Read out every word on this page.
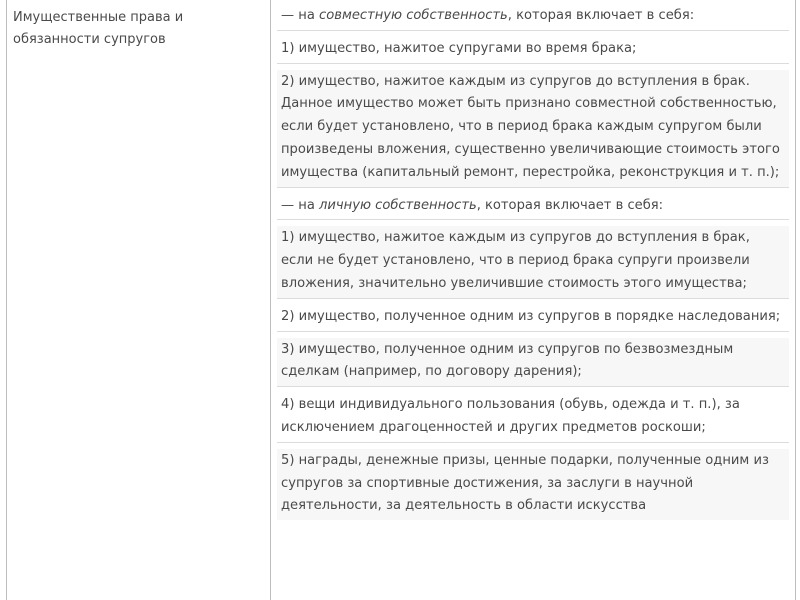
Имущественные права и обязанности супругов
— на совместную собственность, которая включает в себя:
1) имущество, нажитое супругами во время брака;
2) имущество, нажитое каждым из супругов до вступления в брак. Данное имущество может быть признано совместной собственностью, если будет установлено, что в период брака каждым супругом были произведены вложения, существенно увеличивающие стоимость этого имущества (капитальный ремонт, перестройка, реконструкция и т. п.);
— на личную собственность, которая включает в себя:
1) имущество, нажитое каждым из супругов до вступления в брак, если не будет установлено, что в период брака супруги произвели вложения, значительно увеличившие стоимость этого имущества;
2) имущество, полученное одним из супругов в порядке наследования;
3) имущество, полученное одним из супругов по безвозмездным сделкам (например, по договору дарения);
4) вещи индивидуального пользования (обувь, одежда и т. п.), за исключением драгоценностей и других предметов роскоши;
5) награды, денежные призы, ценные подарки, полученные одним из супругов за спортивные достижения, за заслуги в научной деятельности, за деятельность в области искусства
